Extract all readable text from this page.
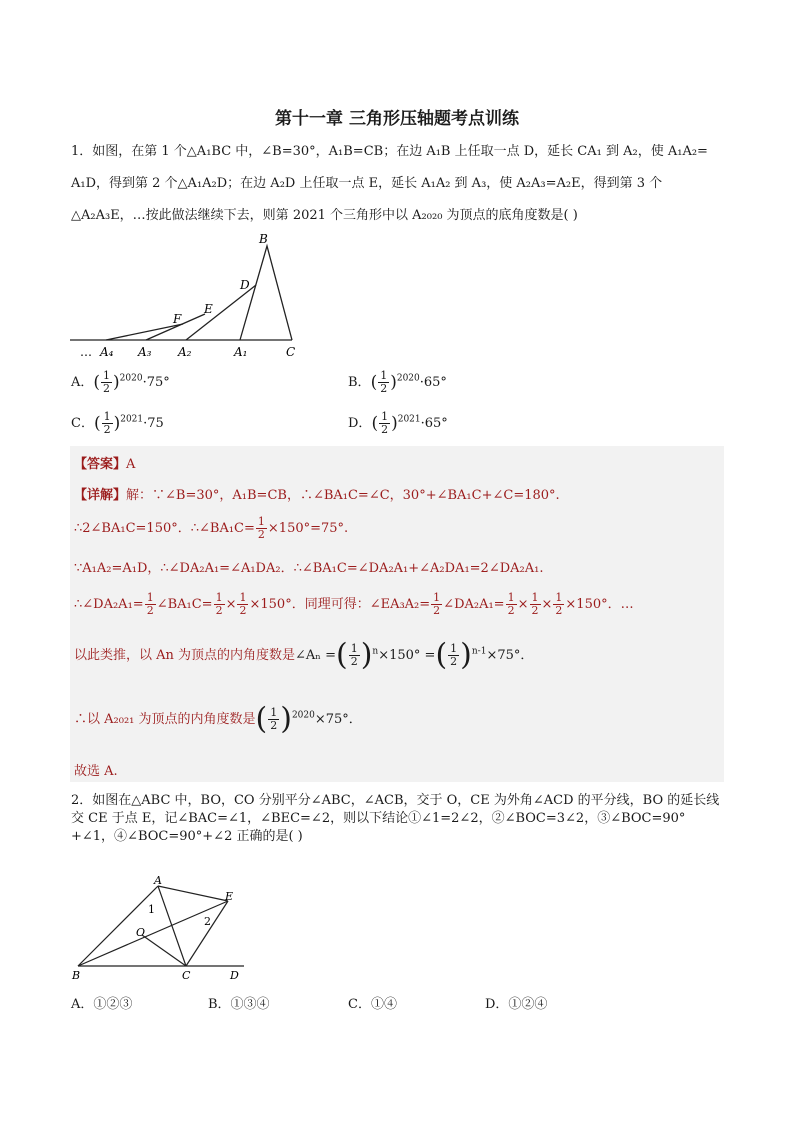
第十一章 三角形压轴题考点训练
1．如图，在第 1 个△A₁BC 中，∠B=30°，A₁B=CB；在边 A₁B 上任取一点 D，延长 CA₁ 到 A₂，使 A₁A₂=
A₁D，得到第 2 个△A₁A₂D；在边 A₂D 上任取一点 E，延长 A₁A₂ 到 A₃，使 A₂A₃=A₂E，得到第 3 个
△A₂A₃E，…按此做法继续下去，则第 2021 个三角形中以 A₂₀₂₀ 为顶点的底角度数是( )
B
D
E
F
… A₄ A₃ A₂	A₁	C
A．( $\frac{1}{2} )^{2020}\cdot 75^\circ$	B．( $\frac{1}{2} )^{2020}\cdot 65^\circ$
C．( $\frac{1}{2} )^{2021}\cdot 75$	D．( $\frac{1}{2} )^{2021}\cdot 65^\circ$
【答案】A
【详解】解：∵∠B=30°，A₁B=CB，∴∠BA₁C=∠C，30°+∠BA₁C+∠C=180°.
∴2∠BA₁C=150°．∴∠BA₁C= $\frac{1}{2} \times 150^\circ=75^\circ$.
∵A₁A₂=A₁D，∴∠DA₂A₁=∠A₁DA₂．∴∠BA₁C=∠DA₂A₁+∠A₂DA₁=2∠DA₂A₁.
∴∠DA₂A₁= $\frac{1}{2}$ ∠BA₁C= $\frac{1}{2} \times \frac{1}{2} \times 150^\circ$．同理可得：∠EA₃A₂= $\frac{1}{2}$ ∠DA₂A₁= $\frac{1}{2} \times \frac{1}{2} \times \frac{1}{2} \times 150^\circ$．…
以此类推，以 An 为顶点的内角度数是∠Aₙ =( $\frac{1}{2} )^n\times 150^\circ$ =( $\frac{1}{2} )^{n-1}\times 75^\circ$．
∴以 A₂₀₂₁ 为顶点的内角度数是( $\frac{1}{2} )^{2020}\times 75^\circ$．
故选 A.
2．如图在△ABC 中，BO，CO 分别平分∠ABC，∠ACB，交于 O，CE 为外角∠ACD 的平分线，BO 的延长线交 CE 于点 E，记∠BAC=∠1，∠BEC=∠2，则以下结论①∠1=2∠2，②∠BOC=3∠2，③∠BOC=90°+∠1，④∠BOC=90°+∠2 正确的是( )
A
E
1
2
O
B	C	D
A．①②③	B．①③④	C．①④	D．①②④
